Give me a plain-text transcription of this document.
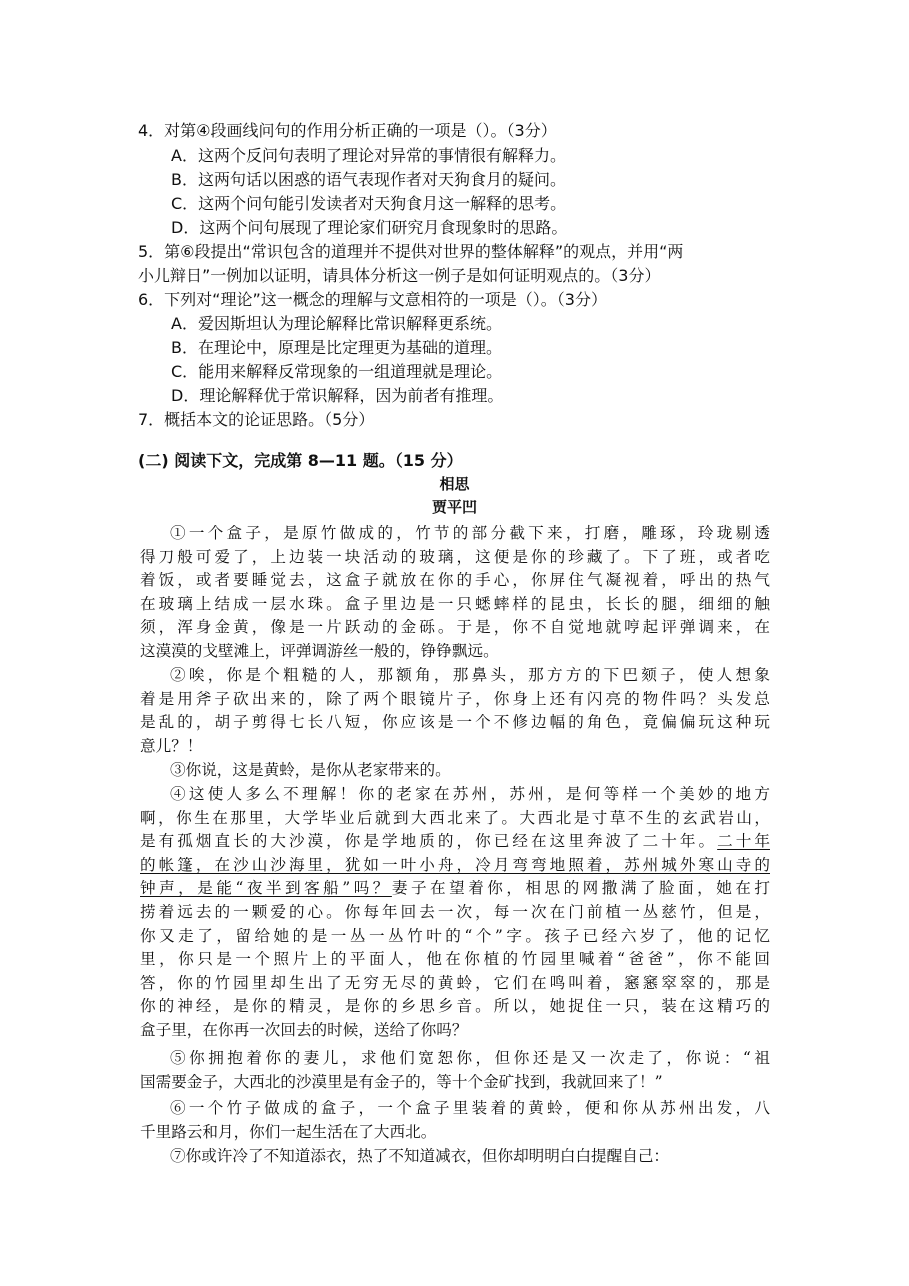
4．对第④段画线问句的作用分析正确的一项是（）。（3分）
A．这两个反问句表明了理论对异常的事情很有解释力。
B．这两句话以困惑的语气表现作者对天狗食月的疑问。
C．这两个问句能引发读者对天狗食月这一解释的思考。
D．这两个问句展现了理论家们研究月食现象时的思路。
5．第⑥段提出“常识包含的道理并不提供对世界的整体解释”的观点，并用“两
小儿辩日”一例加以证明，请具体分析这一例子是如何证明观点的。（3分）
6．下列对“理论”这一概念的理解与文意相符的一项是（）。（3分）
A．爱因斯坦认为理论解释比常识解释更系统。
B．在理论中，原理是比定理更为基础的道理。
C．能用来解释反常现象的一组道理就是理论。
D．理论解释优于常识解释，因为前者有推理。
7．概括本文的论证思路。（5分）
(二) 阅读下文，完成第 8—11 题。（15 分）
相思
贾平凹
①一个盒子，是原竹做成的，竹节的部分截下来，打磨，雕琢，玲珑剔透
得刀般可爱了，上边装一块活动的玻璃，这便是你的珍藏了。下了班，或者吃
着饭，或者要睡觉去，这盒子就放在你的手心，你屏住气凝视着，呼出的热气
在玻璃上结成一层水珠。盒子里边是一只蟋蟀样的昆虫，长长的腿，细细的触
须，浑身金黄，像是一片跃动的金砾。于是，你不自觉地就哼起评弹调来，在
这漠漠的戈壁滩上，评弹调游丝一般的，铮铮飘远。
②唉，你是个粗糙的人，那额角，那鼻头，那方方的下巴颏子，使人想象
着是用斧子砍出来的，除了两个眼镜片子，你身上还有闪亮的物件吗？头发总
是乱的，胡子剪得七长八短，你应该是一个不修边幅的角色，竟偏偏玩这种玩
意儿？！
③你说，这是黄蛉，是你从老家带来的。
④这使人多么不理解！你的老家在苏州，苏州，是何等样一个美妙的地方
啊，你生在那里，大学毕业后就到大西北来了。大西北是寸草不生的玄武岩山，
是有孤烟直长的大沙漠，你是学地质的，你已经在这里奔波了二十年。二十年
的帐篷，在沙山沙海里，犹如一叶小舟，冷月弯弯地照着，苏州城外寒山寺的
钟声，是能“夜半到客船”吗？妻子在望着你，相思的网撒满了脸面，她在打
捞着远去的一颗爱的心。你每年回去一次，每一次在门前植一丛慈竹，但是，
你又走了，留给她的是一丛一丛竹叶的“个”字。孩子已经六岁了，他的记忆
里，你只是一个照片上的平面人，他在你植的竹园里喊着“爸爸”，你不能回
答，你的竹园里却生出了无穷无尽的黄蛉，它们在鸣叫着，窸窸窣窣的，那是
你的神经，是你的精灵，是你的乡思乡音。所以，她捉住一只，装在这精巧的
盒子里，在你再一次回去的时候，送给了你吗？
⑤你拥抱着你的妻儿，求他们宽恕你，但你还是又一次走了，你说：“祖
国需要金子，大西北的沙漠里是有金子的，等十个金矿找到，我就回来了！”
⑥一个竹子做成的盒子，一个盒子里装着的黄蛉，便和你从苏州出发，八
千里路云和月，你们一起生活在了大西北。
⑦你或许冷了不知道添衣，热了不知道减衣，但你却明明白白提醒自己：
